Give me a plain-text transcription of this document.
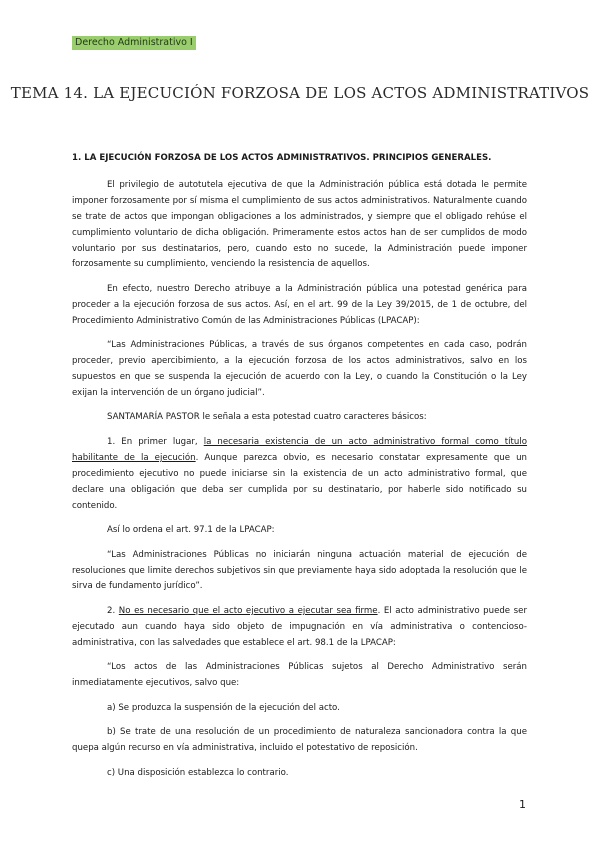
Derecho Administrativo I
TEMA 14. LA EJECUCIÓN FORZOSA DE LOS ACTOS ADMINISTRATIVOS

1. LA EJECUCIÓN FORZOSA DE LOS ACTOS ADMINISTRATIVOS. PRINCIPIOS GENERALES.

El privilegio de autotutela ejecutiva de que la Administración pública está dotada le permite imponer forzosamente por sí misma el cumplimiento de sus actos administrativos. Naturalmente cuando se trate de actos que impongan obligaciones a los administrados, y siempre que el obligado rehúse el cumplimiento voluntario de dicha obligación. Primeramente estos actos han de ser cumplidos de modo voluntario por sus destinatarios, pero, cuando esto no sucede, la Administración puede imponer forzosamente su cumplimiento, venciendo la resistencia de aquellos.

En efecto, nuestro Derecho atribuye a la Administración pública una potestad genérica para proceder a la ejecución forzosa de sus actos. Así, en el art. 99 de la Ley 39/2015, de 1 de octubre, del Procedimiento Administrativo Común de las Administraciones Públicas (LPACAP):

“Las Administraciones Públicas, a través de sus órganos competentes en cada caso, podrán proceder, previo apercibimiento, a la ejecución forzosa de los actos administrativos, salvo en los supuestos en que se suspenda la ejecución de acuerdo con la Ley, o cuando la Constitución o la Ley exijan la intervención de un órgano judicial”.

SANTAMARÍA PASTOR le señala a esta potestad cuatro caracteres básicos:

1. En primer lugar, la necesaria existencia de un acto administrativo formal como título habilitante de la ejecución. Aunque parezca obvio, es necesario constatar expresamente que un procedimiento ejecutivo no puede iniciarse sin la existencia de un acto administrativo formal, que declare una obligación que deba ser cumplida por su destinatario, por haberle sido notificado su contenido.

Así lo ordena el art. 97.1 de la LPACAP:

“Las Administraciones Públicas no iniciarán ninguna actuación material de ejecución de resoluciones que limite derechos subjetivos sin que previamente haya sido adoptada la resolución que le sirva de fundamento jurídico”.

2. No es necesario que el acto ejecutivo a ejecutar sea firme. El acto administrativo puede ser ejecutado aun cuando haya sido objeto de impugnación en vía administrativa o contencioso-administrativa, con las salvedades que establece el art. 98.1 de la LPACAP:

“Los actos de las Administraciones Públicas sujetos al Derecho Administrativo serán inmediatamente ejecutivos, salvo que:

a) Se produzca la suspensión de la ejecución del acto.

b) Se trate de una resolución de un procedimiento de naturaleza sancionadora contra la que quepa algún recurso en vía administrativa, incluido el potestativo de reposición.

c) Una disposición establezca lo contrario.

1
